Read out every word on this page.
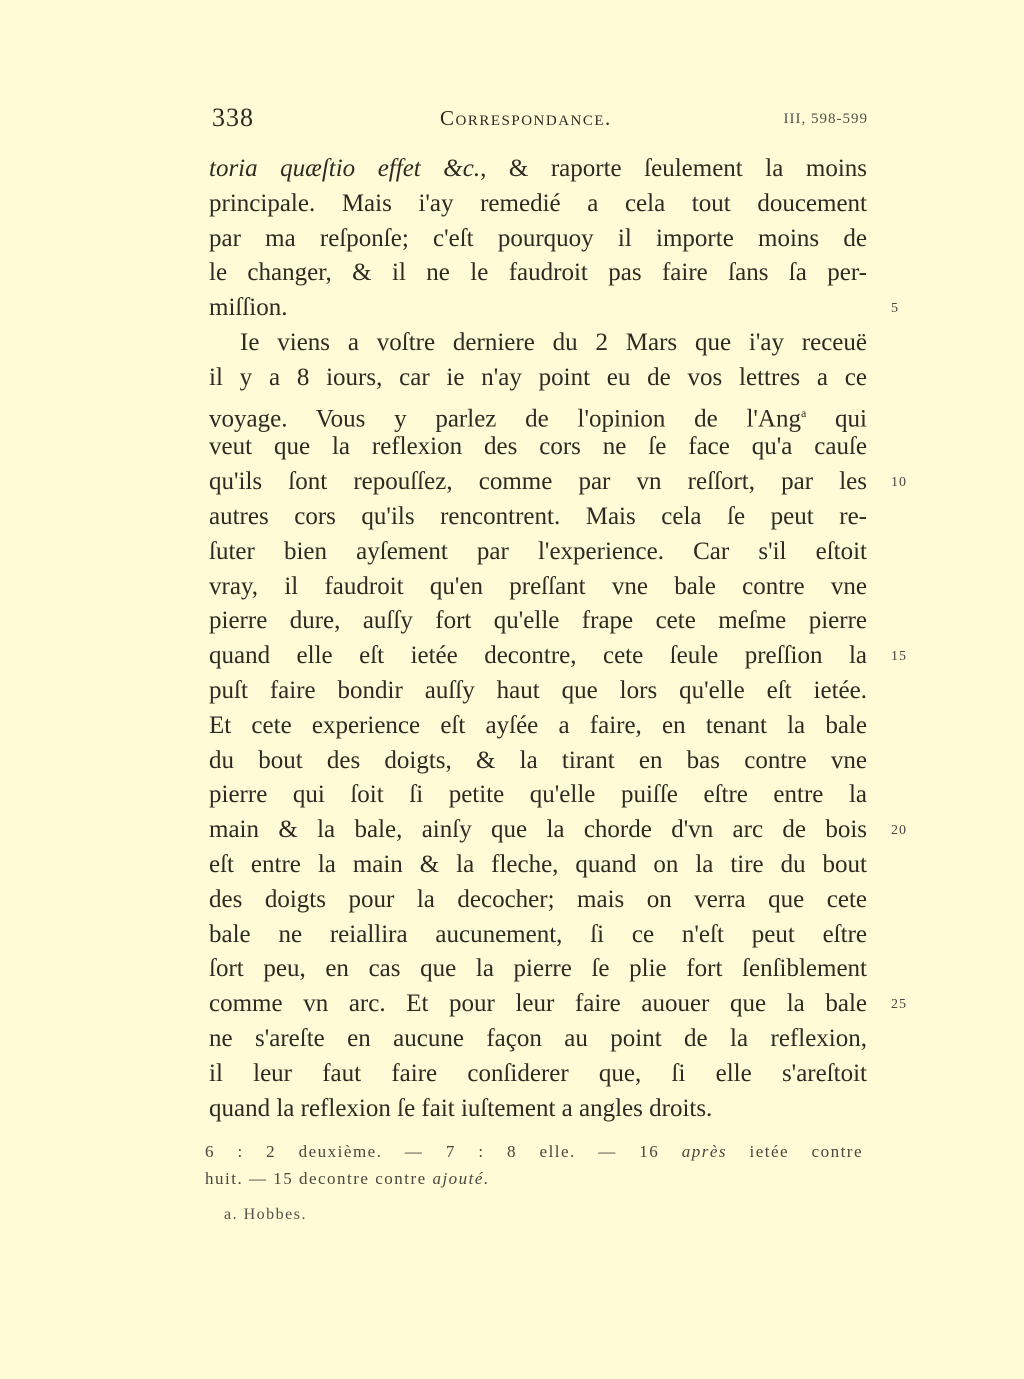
338	Correspondance.	III, 598-599
toria quæſtio effet &c., & raporte ſeulement la moins
principale. Mais i'ay remedié a cela tout doucement
par ma reſponſe; c'eſt pourquoy il importe moins de
le changer, & il ne le faudroit pas faire ſans ſa per-
miſſion.	5
Ie viens a voſtre derniere du 2 Mars que i'ay receuë
il y a 8 iours, car ie n'ay point eu de vos lettres a ce
voyage. Vous y parlez de l'opinion de l'Ang$^a$ qui
veut que la reflexion des cors ne ſe face qu'a cauſe
qu'ils ſont repouſſez, comme par vn reſſort, par les 10
autres cors qu'ils rencontrent. Mais cela ſe peut re-
ſuter bien ayſement par l'experience. Car s'il eſtoit
vray, il faudroit qu'en preſſant vne bale contre vne
pierre dure, auſſy fort qu'elle frape cete meſme pierre
quand elle eſt ietée decontre, cete ſeule preſſion la 15
puſt faire bondir auſſy haut que lors qu'elle eſt ietée.
Et cete experience eſt ayſée a faire, en tenant la bale
du bout des doigts, & la tirant en bas contre vne
pierre qui ſoit ſi petite qu'elle puiſſe eſtre entre la
main & la bale, ainſy que la chorde d'vn arc de bois 20
eſt entre la main & la fleche, quand on la tire du bout
des doigts pour la decocher; mais on verra que cete
bale ne reiallira aucunement, ſi ce n'eſt peut eſtre
ſort peu, en cas que la pierre ſe plie fort ſenſiblement
comme vn arc. Et pour leur faire auouer que la bale 25
ne s'areſte en aucune façon au point de la reflexion,
il leur faut faire conſiderer que, ſi elle s'areſtoit
quand la reflexion ſe fait iuſtement a angles droits.
6 : 2 deuxième. — 7 : 8 elle. — 16 après ietée contre
huit. — 15 decontre contre ajouté.
a. Hobbes.
